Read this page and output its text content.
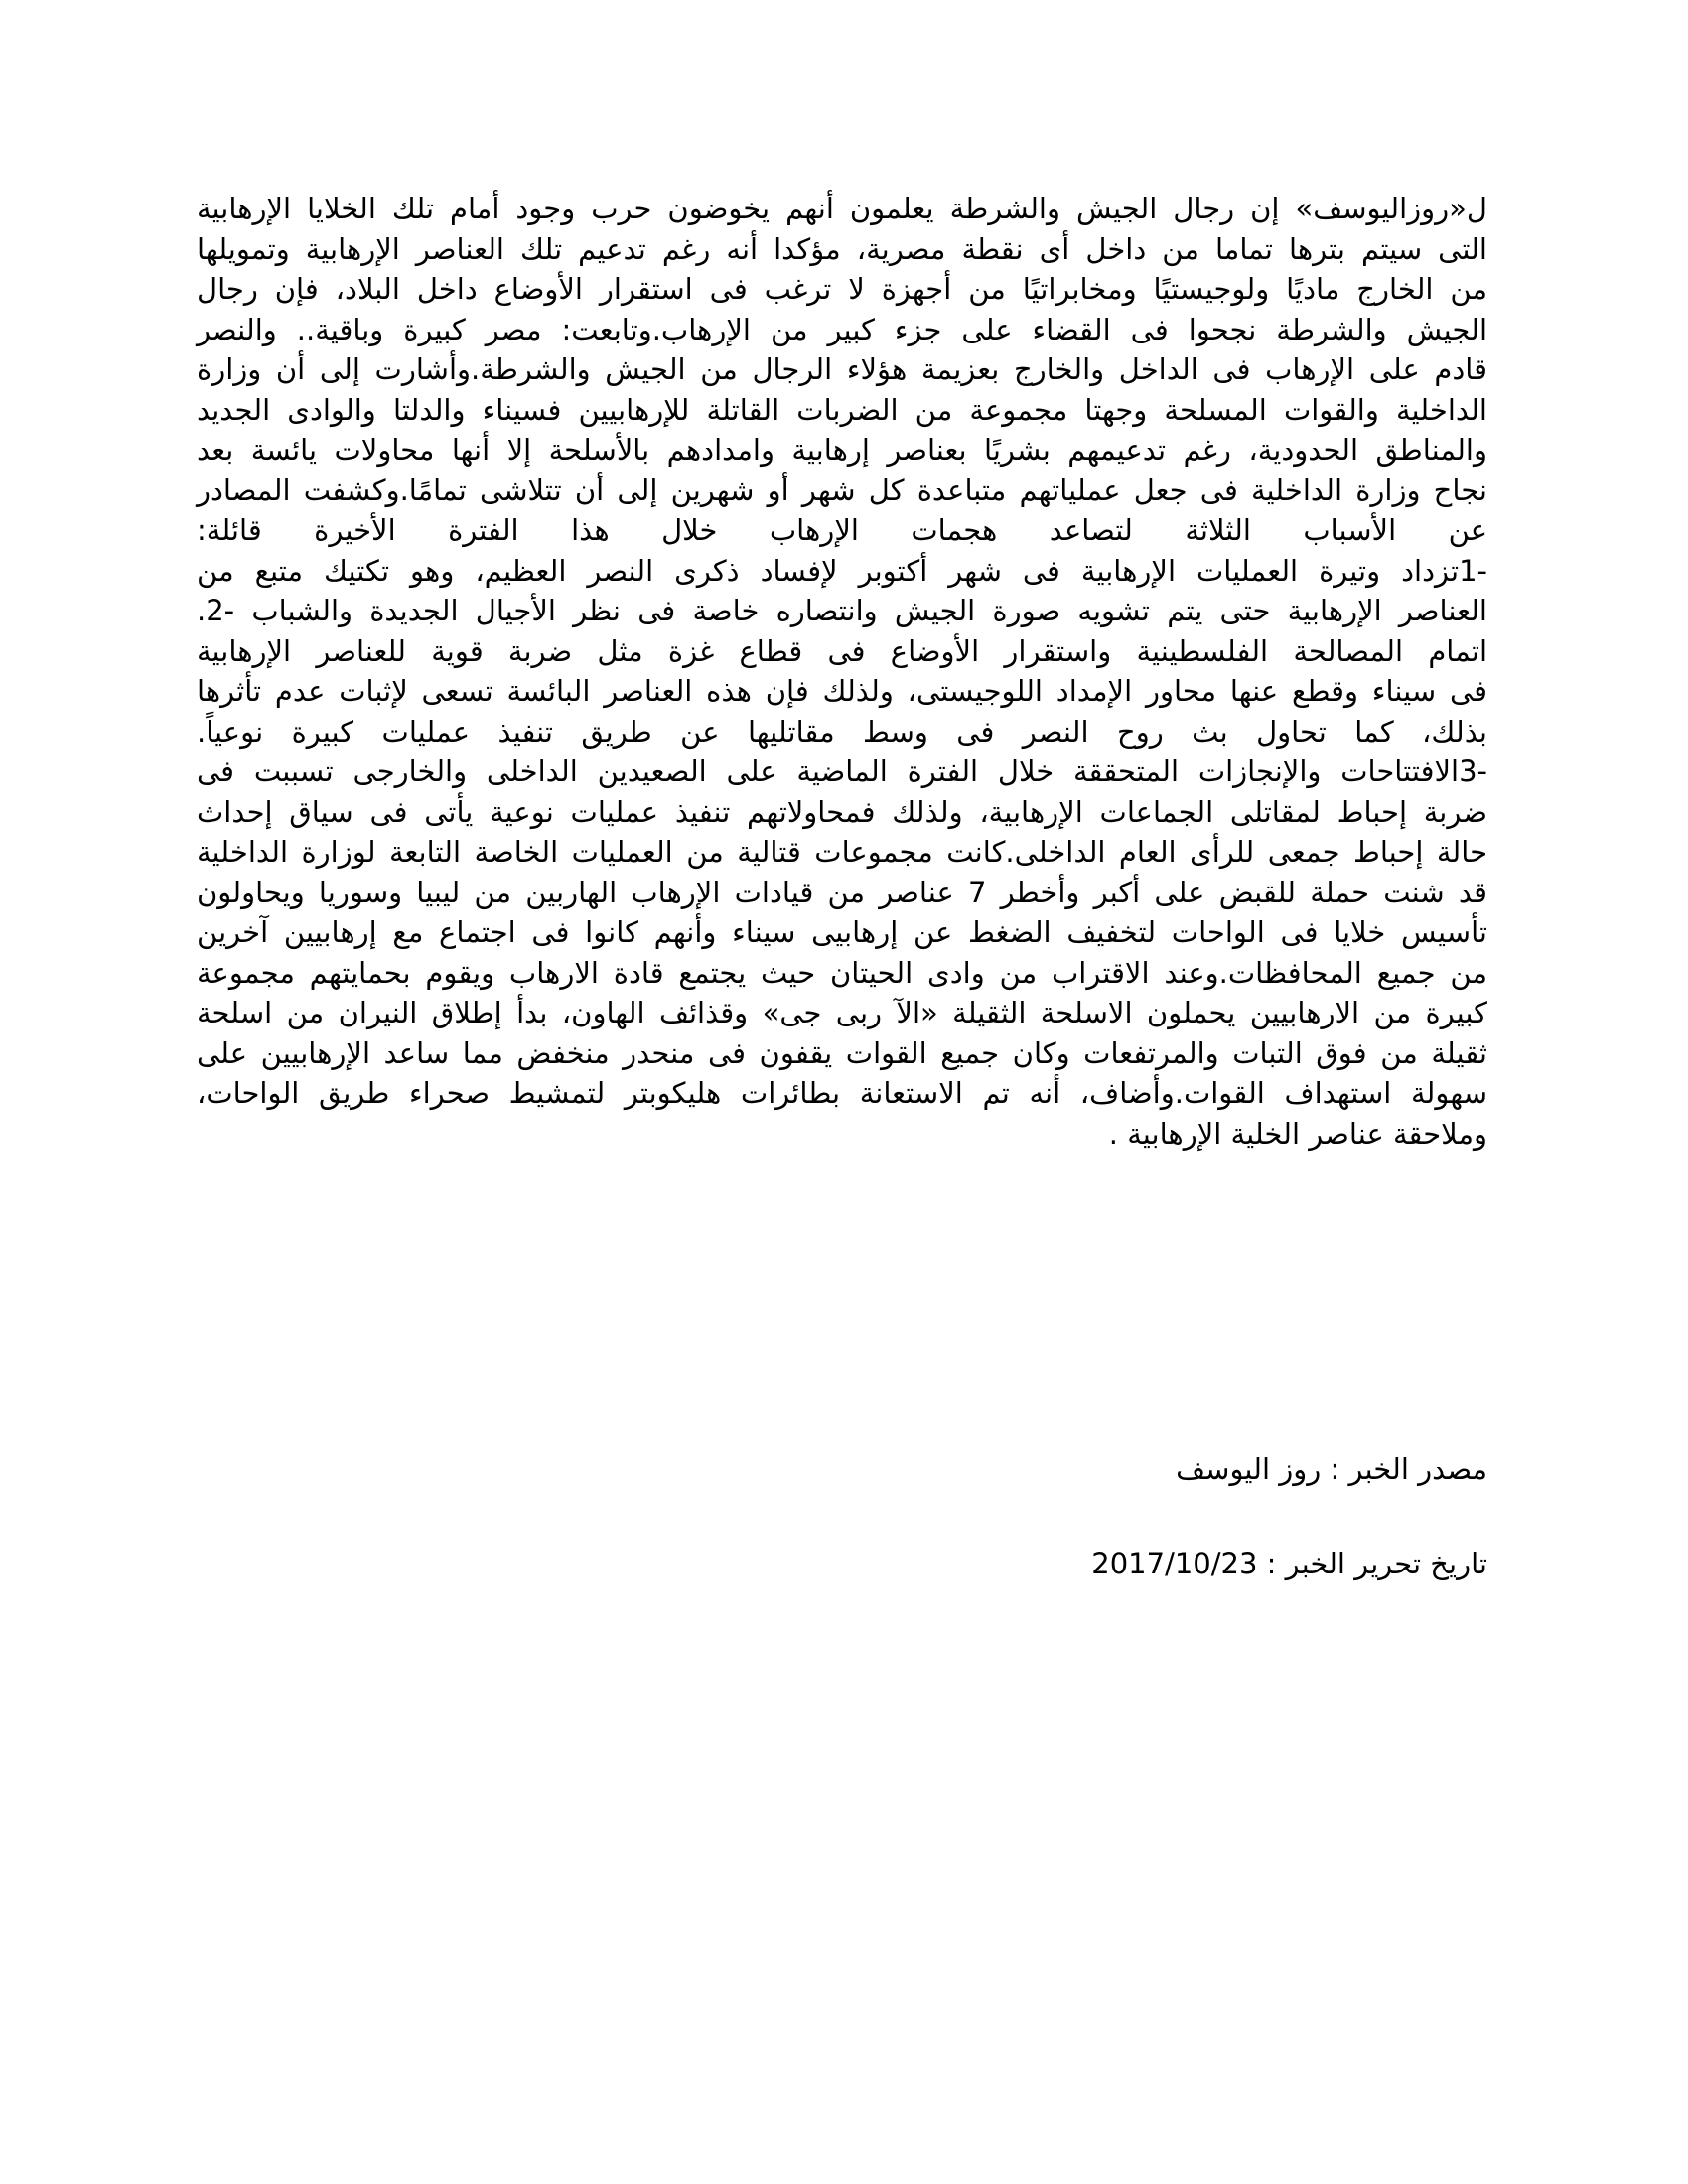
ل«روزاليوسف» إن رجال الجيش والشرطة يعلمون أنهم يخوضون حرب وجود أمام تلك الخلايا الإرهابية
التى سيتم بترها تماما من داخل أى نقطة مصرية، مؤكدا أنه رغم تدعيم تلك العناصر الإرهابية وتمويلها
من الخارج ماديًا ولوجيستيًا ومخابراتيًا من أجهزة لا ترغب فى استقرار الأوضاع داخل البلاد، فإن رجال
الجيش والشرطة نجحوا فى القضاء على جزء كبير من الإرهاب.وتابعت: مصر كبيرة وباقية.. والنصر
قادم على الإرهاب فى الداخل والخارج بعزيمة هؤلاء الرجال من الجيش والشرطة.وأشارت إلى أن وزارة
الداخلية والقوات المسلحة وجهتا مجموعة من الضربات القاتلة للإرهابيين فسيناء والدلتا والوادى الجديد
والمناطق الحدودية، رغم تدعيمهم بشريًا بعناصر إرهابية وامدادهم بالأسلحة إلا أنها محاولات يائسة بعد
نجاح وزارة الداخلية فى جعل عملياتهم متباعدة كل شهر أو شهرين إلى أن تتلاشى تمامًا.وكشفت المصادر
عن الأسباب الثلاثة لتصاعد هجمات الإرهاب خلال هذا الفترة الأخيرة قائلة:
-1تزداد وتيرة العمليات الإرهابية فى شهر أكتوبر لإفساد ذكرى النصر العظيم، وهو تكتيك متبع من
العناصر الإرهابية حتى يتم تشويه صورة الجيش وانتصاره خاصة فى نظر الأجيال الجديدة والشباب -2.
اتمام المصالحة الفلسطينية واستقرار الأوضاع فى قطاع غزة مثل ضربة قوية للعناصر الإرهابية
فى سيناء وقطع عنها محاور الإمداد اللوجيستى، ولذلك فإن هذه العناصر البائسة تسعى لإثبات عدم تأثرها
بذلك، كما تحاول بث روح النصر فى وسط مقاتليها عن طريق تنفيذ عمليات كبيرة نوعياً.
-3الافتتاحات والإنجازات المتحققة خلال الفترة الماضية على الصعيدين الداخلى والخارجى تسببت فى
ضربة إحباط لمقاتلى الجماعات الإرهابية، ولذلك فمحاولاتهم تنفيذ عمليات نوعية يأتى فى سياق إحداث
حالة إحباط جمعى للرأى العام الداخلى.كانت مجموعات قتالية من العمليات الخاصة التابعة لوزارة الداخلية
قد شنت حملة للقبض على أكبر وأخطر 7 عناصر من قيادات الإرهاب الهاربين من ليبيا وسوريا ويحاولون
تأسيس خلايا فى الواحات لتخفيف الضغط عن إرهابيى سيناء وأنهم كانوا فى اجتماع مع إرهابيين آخرين
من جميع المحافظات.وعند الاقتراب من وادى الحيتان حيث يجتمع قادة الارهاب ويقوم بحمايتهم مجموعة
كبيرة من الارهابيين يحملون الاسلحة الثقيلة «الآ ربى جى» وقذائف الهاون، بدأ إطلاق النيران من اسلحة
ثقيلة من فوق التبات والمرتفعات وكان جميع القوات يقفون فى منحدر منخفض مما ساعد الإرهابيين على
سهولة استهداف القوات.وأضاف، أنه تم الاستعانة بطائرات هليكوبتر لتمشيط صحراء طريق الواحات،
وملاحقة عناصر الخلية الإرهابية .

مصدر الخبر : روز اليوسف

تاريخ تحرير الخبر : 2017/10/23
